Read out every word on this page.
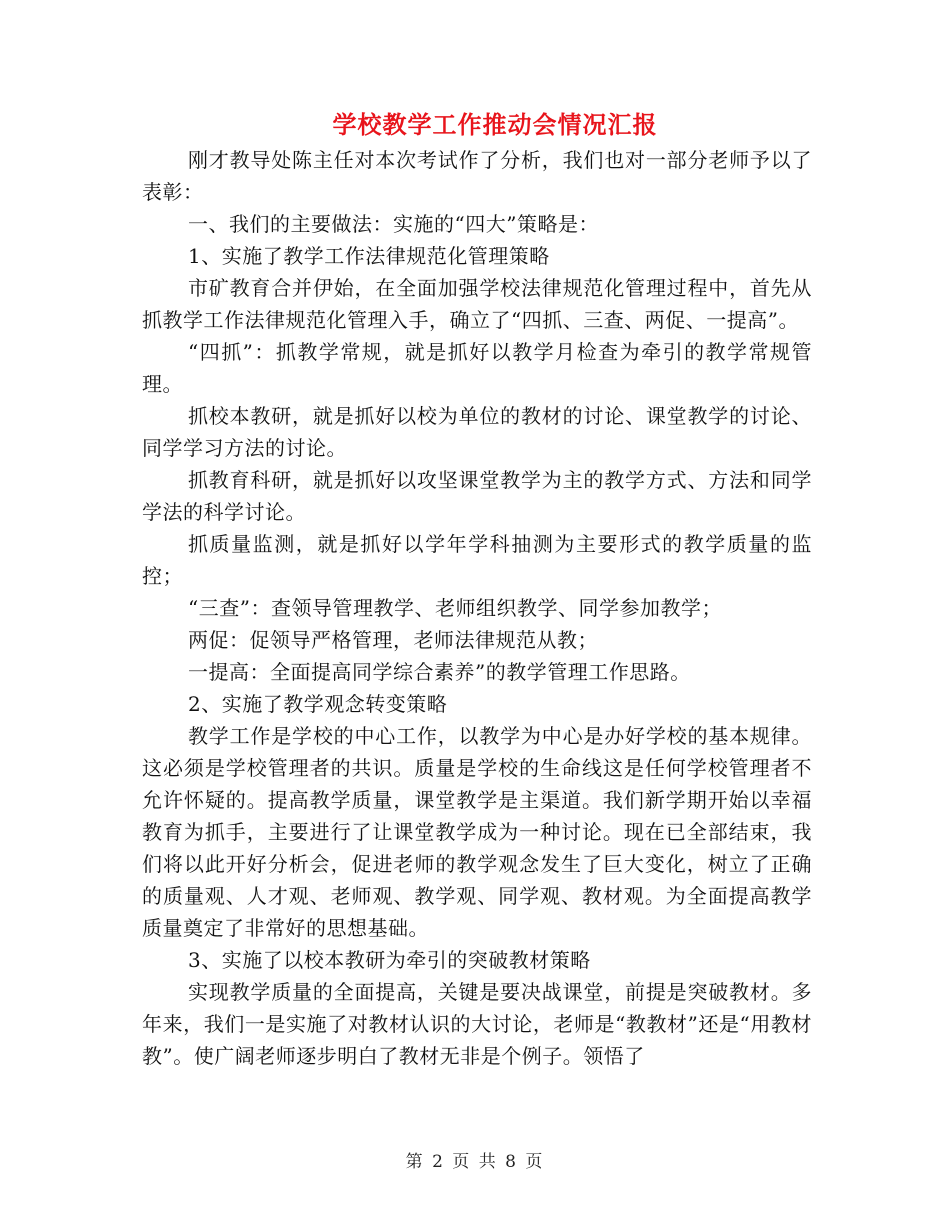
学校教学工作推动会情况汇报

刚才教导处陈主任对本次考试作了分析，我们也对一部分老师予以了表彰：

一、我们的主要做法：实施的“四大”策略是：

1、实施了教学工作法律规范化管理策略

市矿教育合并伊始，在全面加强学校法律规范化管理过程中，首先从抓教学工作法律规范化管理入手，确立了“四抓、三查、两促、一提高”。

“四抓”：抓教学常规，就是抓好以教学月检查为牵引的教学常规管理。

抓校本教研，就是抓好以校为单位的教材的讨论、课堂教学的讨论、同学学习方法的讨论。

抓教育科研，就是抓好以攻坚课堂教学为主的教学方式、方法和同学学法的科学讨论。

抓质量监测，就是抓好以学年学科抽测为主要形式的教学质量的监控；

“三查”：查领导管理教学、老师组织教学、同学参加教学；

两促：促领导严格管理，老师法律规范从教；

一提高：全面提高同学综合素养”的教学管理工作思路。

2、实施了教学观念转变策略

教学工作是学校的中心工作，以教学为中心是办好学校的基本规律。这必须是学校管理者的共识。质量是学校的生命线这是任何学校管理者不允许怀疑的。提高教学质量，课堂教学是主渠道。我们新学期开始以幸福教育为抓手，主要进行了让课堂教学成为一种讨论。现在已全部结束，我们将以此开好分析会，促进老师的教学观念发生了巨大变化，树立了正确的质量观、人才观、老师观、教学观、同学观、教材观。为全面提高教学质量奠定了非常好的思想基础。

3、实施了以校本教研为牵引的突破教材策略

实现教学质量的全面提高，关键是要决战课堂，前提是突破教材。多年来，我们一是实施了对教材认识的大讨论，老师是“教教材”还是“用教材教”。使广阔老师逐步明白了教材无非是个例子。领悟了

第 2 页 共 8 页
